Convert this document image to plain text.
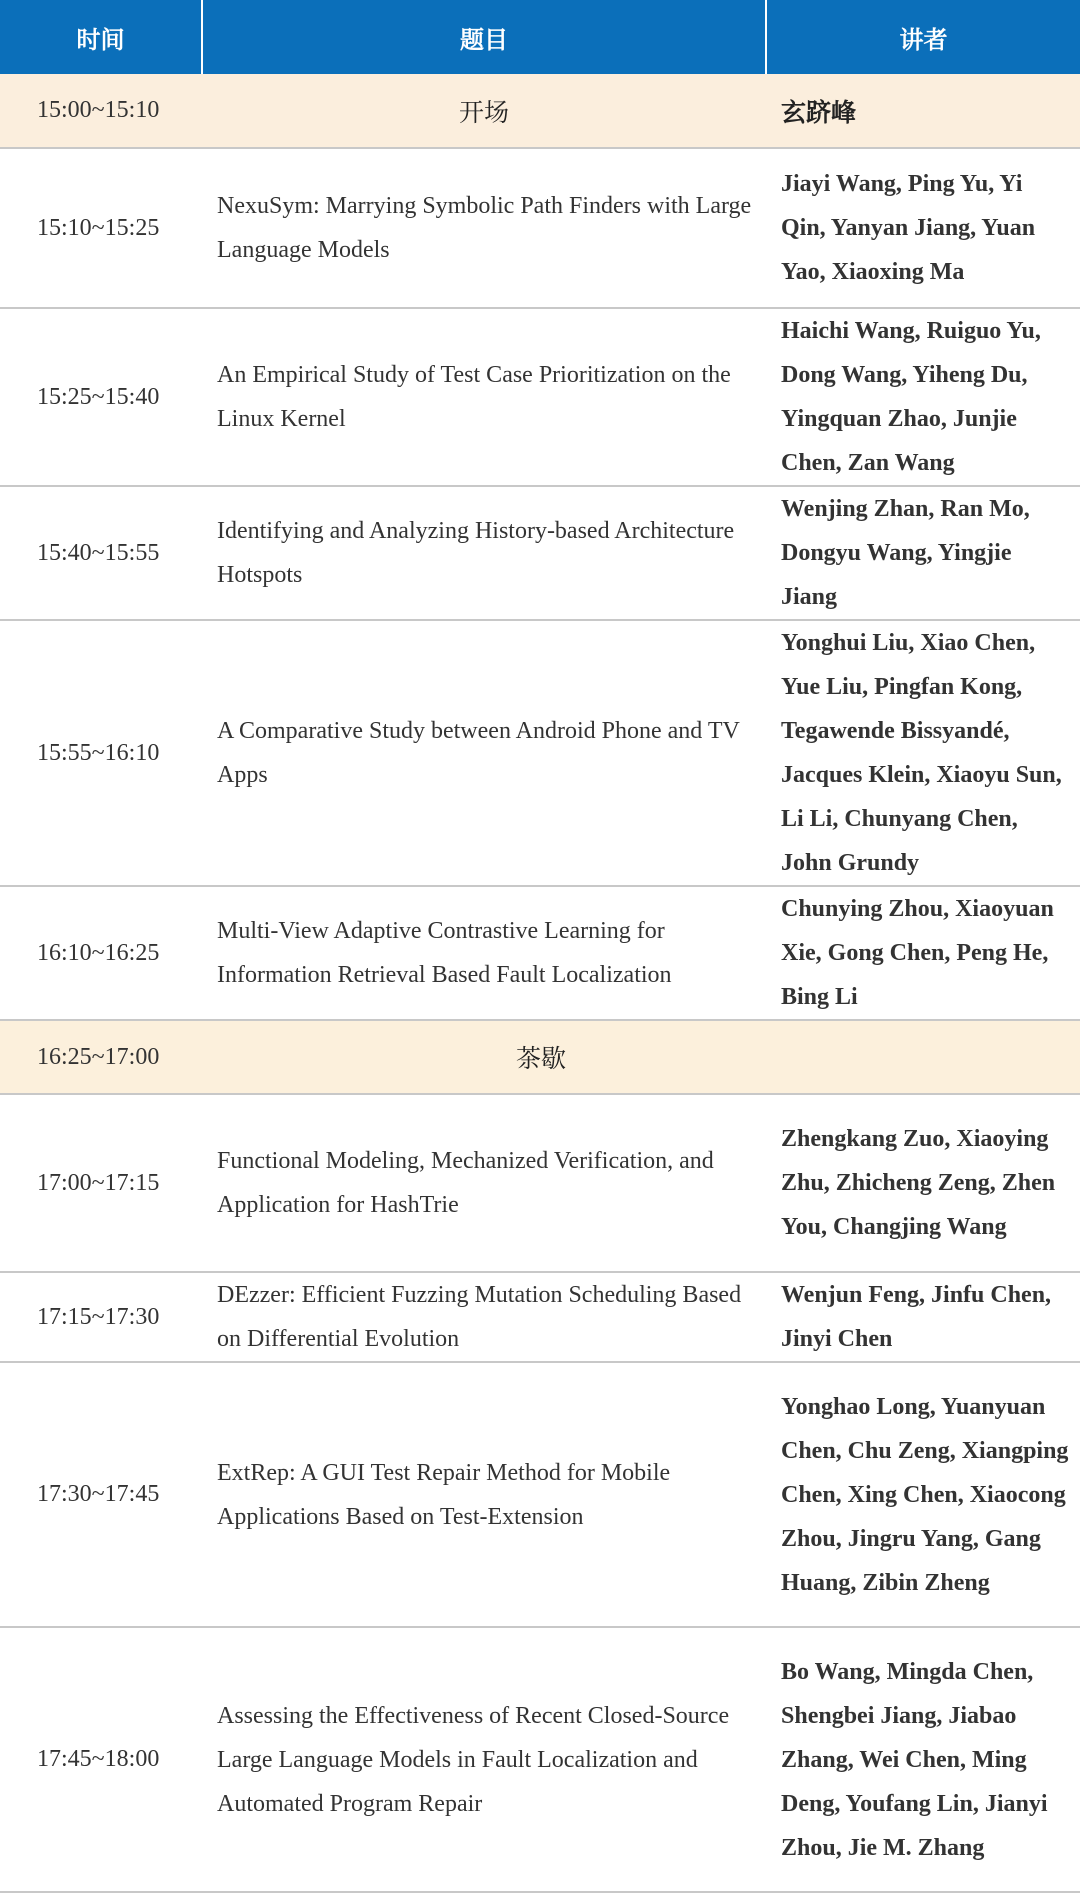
时间	题目	讲者
15:00~15:10	开场	玄跻峰
15:10~15:25	NexuSym: Marrying Symbolic Path Finders with Large Language Models	Jiayi Wang, Ping Yu, Yi Qin, Yanyan Jiang, Yuan Yao, Xiaoxing Ma
15:25~15:40	An Empirical Study of Test Case Prioritization on the Linux Kernel	Haichi Wang, Ruiguo Yu, Dong Wang, Yiheng Du, Yingquan Zhao, Junjie Chen, Zan Wang
15:40~15:55	Identifying and Analyzing History-based Architecture Hotspots	Wenjing Zhan, Ran Mo, Dongyu Wang, Yingjie Jiang
15:55~16:10	A Comparative Study between Android Phone and TV Apps	Yonghui Liu, Xiao Chen, Yue Liu, Pingfan Kong, Tegawende Bissyandé, Jacques Klein, Xiaoyu Sun, Li Li, Chunyang Chen, John Grundy
16:10~16:25	Multi-View Adaptive Contrastive Learning for Information Retrieval Based Fault Localization	Chunying Zhou, Xiaoyuan Xie, Gong Chen, Peng He, Bing Li
16:25~17:00	茶歇	
17:00~17:15	Functional Modeling, Mechanized Verification, and Application for HashTrie	Zhengkang Zuo, Xiaoying Zhu, Zhicheng Zeng, Zhen You, Changjing Wang
17:15~17:30	DEzzer: Efficient Fuzzing Mutation Scheduling Based on Differential Evolution	Wenjun Feng, Jinfu Chen, Jinyi Chen
17:30~17:45	ExtRep: A GUI Test Repair Method for Mobile Applications Based on Test-Extension	Yonghao Long, Yuanyuan Chen, Chu Zeng, Xiangping Chen, Xing Chen, Xiaocong Zhou, Jingru Yang, Gang Huang, Zibin Zheng
17:45~18:00	Assessing the Effectiveness of Recent Closed-Source Large Language Models in Fault Localization and Automated Program Repair	Bo Wang, Mingda Chen, Shengbei Jiang, Jiabao Zhang, Wei Chen, Ming Deng, Youfang Lin, Jianyi Zhou, Jie M. Zhang
